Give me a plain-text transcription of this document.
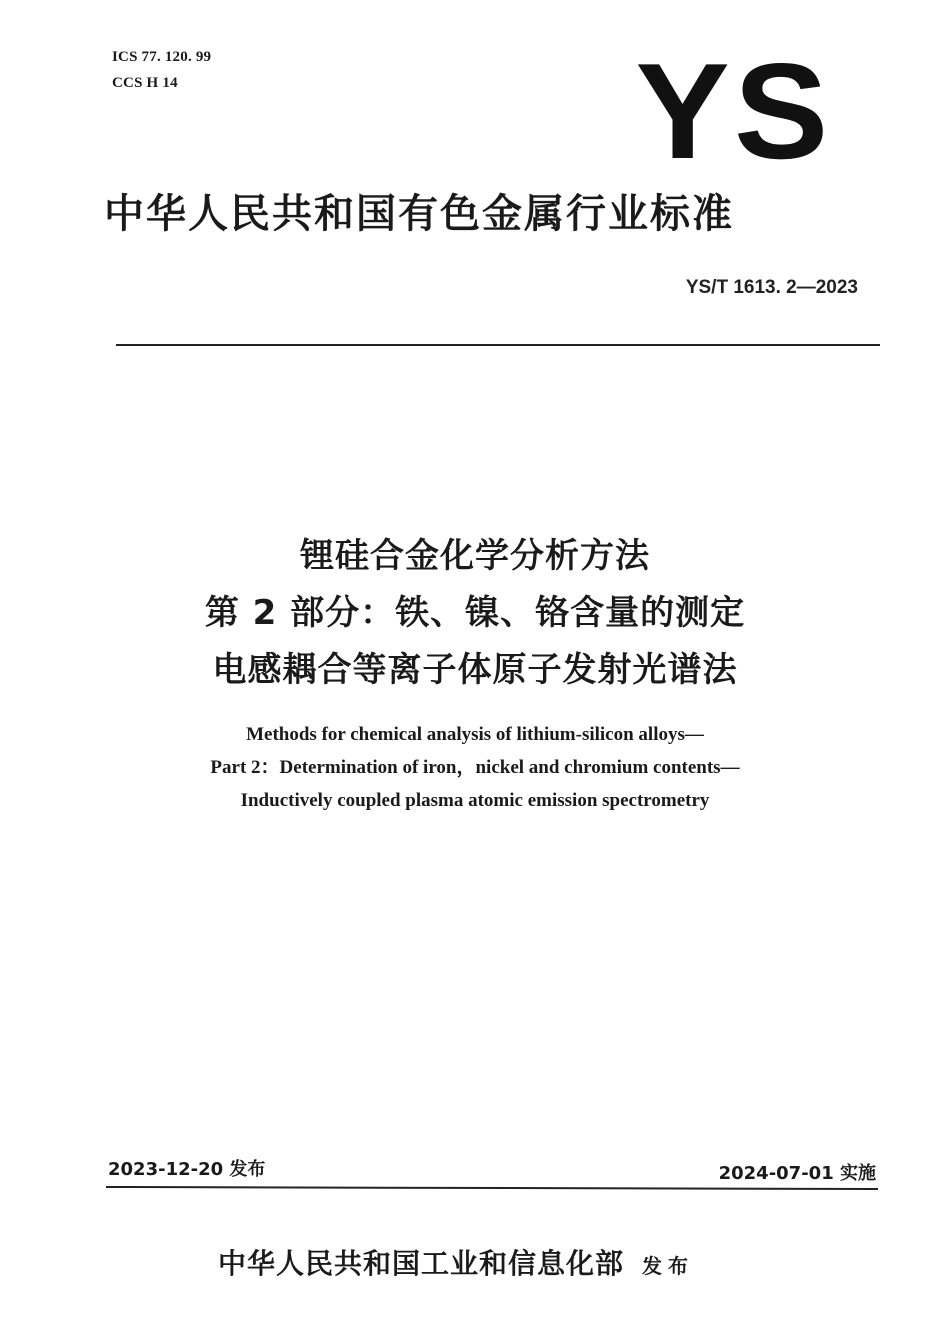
ICS 77. 120. 99
CCS H 14	YS
中华人民共和国有色金属行业标准
YS/T 1613. 2—2023
锂硅合金化学分析方法
第 2 部分：铁、镍、铬含量的测定
电感耦合等离子体原子发射光谱法
Methods for chemical analysis of lithium-silicon alloys—
Part 2：Determination of iron，nickel and chromium contents—
Inductively coupled plasma atomic emission spectrometry
2023-12-20 发布	2024-07-01 实施
中华人民共和国工业和信息化部 发布
